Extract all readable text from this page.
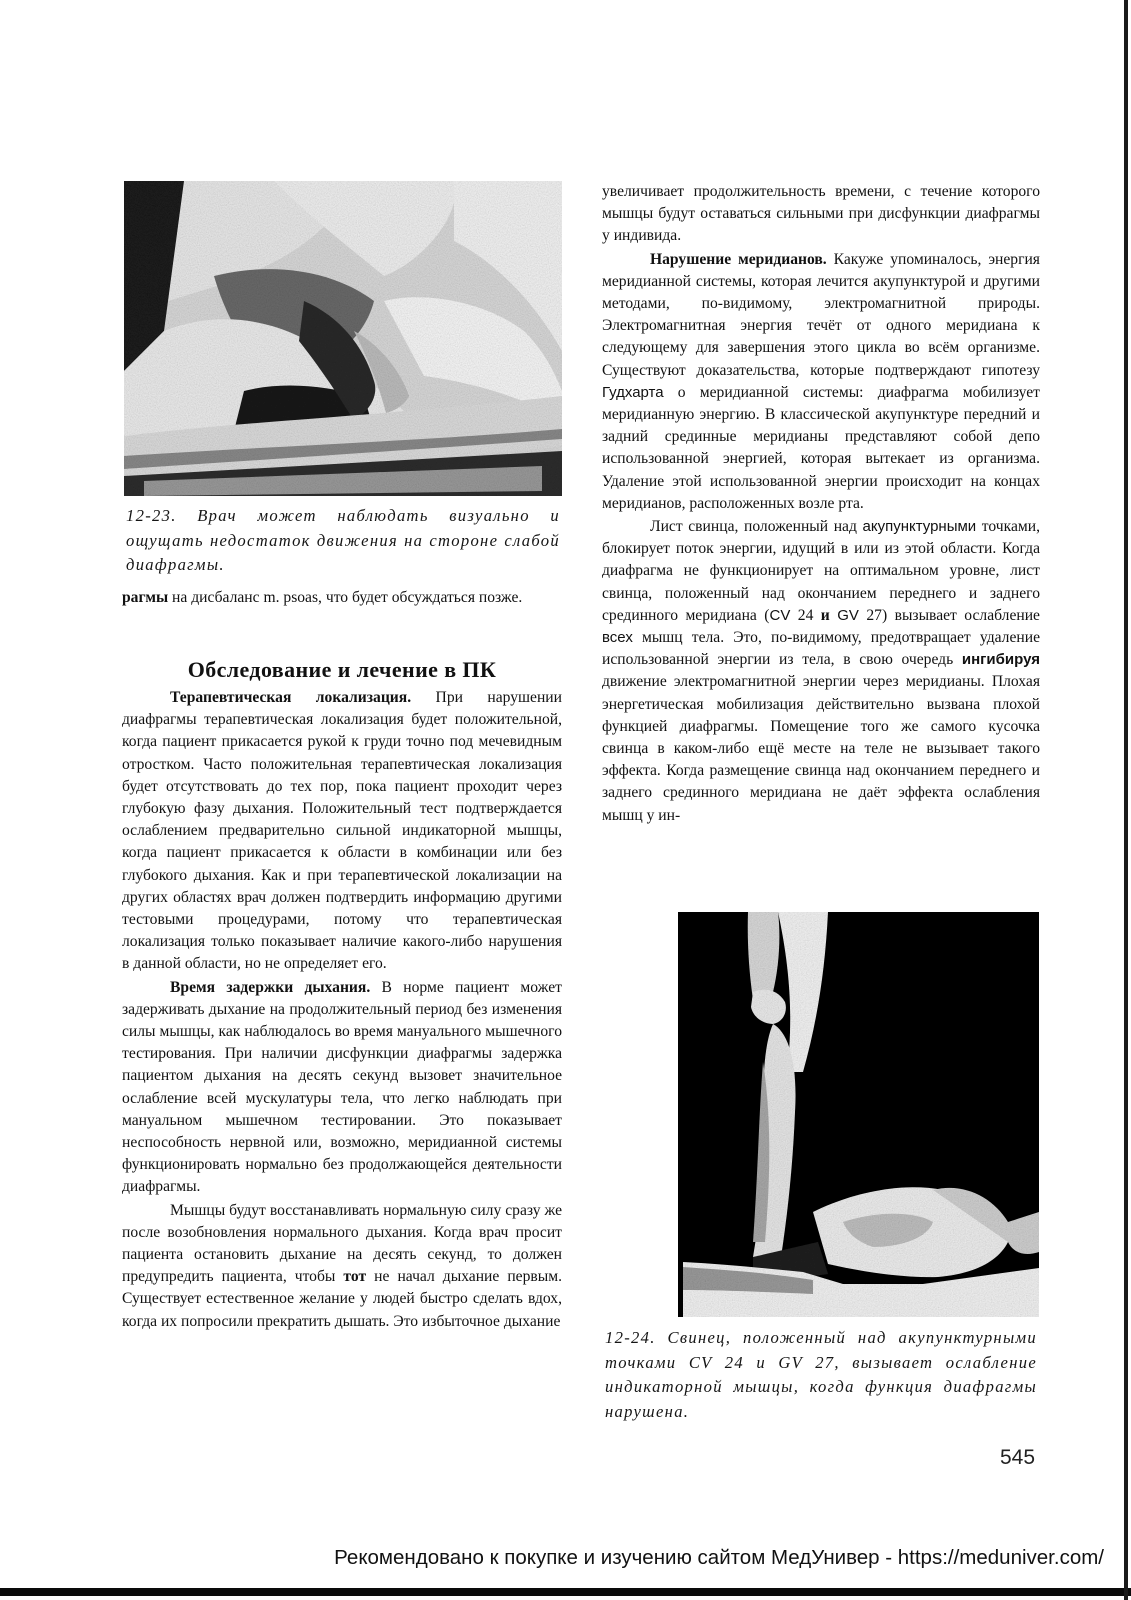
12-23. Врач может наблюдать визуально и ощущать недостаток движения на стороне слабой диафрагмы.

рагмы на дисбаланс m. psoas, что будет обсуждаться позже.

Обследование и лечение в ПК

Терапевтическая локализация. При нарушении диафрагмы терапевтическая локализация будет положительной, когда пациент прикасается рукой к груди точно под мечевидным отростком. Часто положительная терапевтическая локализация будет отсутствовать до тех пор, пока пациент проходит через глубокую фазу дыхания. Положительный тест подтверждается ослаблением предварительно сильной индикаторной мышцы, когда пациент прикасается к области в комбинации или без глубокого дыхания. Как и при терапевтической локализации на других областях врач должен подтвердить информацию другими тестовыми процедурами, потому что терапевтическая локализация только показывает наличие какого-либо нарушения в данной области, но не определяет его.

Время задержки дыхания. В норме пациент может задерживать дыхание на продолжительный период без изменения силы мышцы, как наблюдалось во время мануального мышечного тестирования. При наличии дисфункции диафрагмы задержка пациентом дыхания на десять секунд вызовет значительное ослабление всей мускулатуры тела, что легко наблюдать при мануальном мышечном тестировании. Это показывает неспособность нервной или, возможно, меридианной системы функционировать нормально без продолжающейся деятельности диафрагмы.

Мышцы будут восстанавливать нормальную силу сразу же после возобновления нормального дыхания. Когда врач просит пациента остановить дыхание на десять секунд, то должен предупредить пациента, чтобы тот не начал дыхание первым. Существует естественное желание у людей быстро сделать вдох, когда их попросили прекратить дышать. Это избыточное дыхание

увеличивает продолжительность времени, с течение которого мышцы будут оставаться сильными при дисфункции диафрагмы у индивида.

Нарушение меридианов. Какуже упоминалось, энергия меридианной системы, которая лечится акупунктурой и другими методами, по-видимому, электромагнитной природы. Электромагнитная энергия течёт от одного меридиана к следующему для завершения этого цикла во всём организме. Существуют доказательства, которые подтверждают гипотезу Гудхарта о меридианной системы: диафрагма мобилизует меридианную энергию. В классической акупунктуре передний и задний срединные меридианы представляют собой депо использованной энергией, которая вытекает из организма. Удаление этой использованной энергии происходит на концах меридианов, расположенных возле рта.

Лист свинца, положенный над акупунктурными точками, блокирует поток энергии, идущий в или из этой области. Когда диафрагма не функционирует на оптимальном уровне, лист свинца, положенный над окончанием переднего и заднего срединного меридиана (CV 24 и GV 27) вызывает ослабление всех мышц тела. Это, по-видимому, предотвращает удаление использованной энергии из тела, в свою очередь ингибируя движение электромагнитной энергии через меридианы. Плохая энергетическая мобилизация действительно вызвана плохой функцией диафрагмы. Помещение того же самого кусочка свинца в каком-либо ещё месте на теле не вызывает такого эффекта. Когда размещение свинца над окончанием переднего и заднего срединного меридиана не даёт эффекта ослабления мышц у ин-

12-24. Свинец, положенный над акупунктурными точками CV 24 и GV 27, вызывает ослабление индикаторной мышцы, когда функция диафрагмы нарушена.
545
Рекомендовано к покупке и изучению сайтом МедУнивер - https://meduniver.com/
